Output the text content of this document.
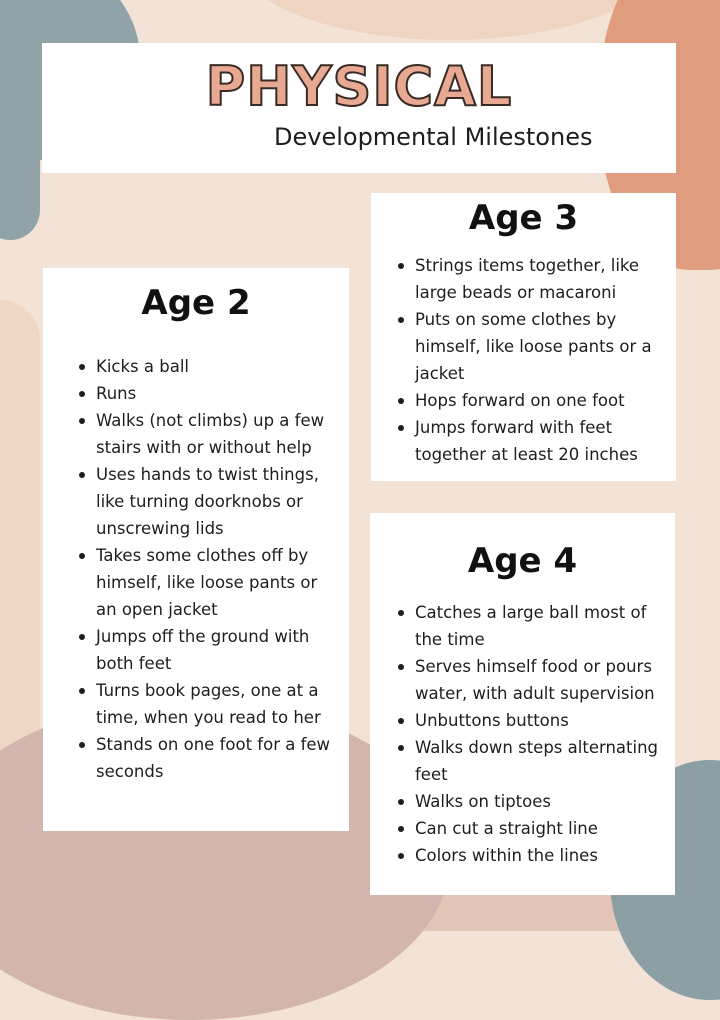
PHYSICAL
Developmental Milestones
Age 2
Kicks a ball
Runs
Walks (not climbs) up a few stairs with or without help
Uses hands to twist things, like turning doorknobs or unscrewing lids
Takes some clothes off by himself, like loose pants or an open jacket
Jumps off the ground with both feet
Turns book pages, one at a time, when you read to her
Stands on one foot for a few seconds
Age 3
Strings items together, like large beads or macaroni
Puts on some clothes by himself, like loose pants or a jacket
Hops forward on one foot
Jumps forward with feet together at least 20 inches
Age 4
Catches a large ball most of the time
Serves himself food or pours water, with adult supervision
Unbuttons buttons
Walks down steps alternating feet
Walks on tiptoes
Can cut a straight line
Colors within the lines
